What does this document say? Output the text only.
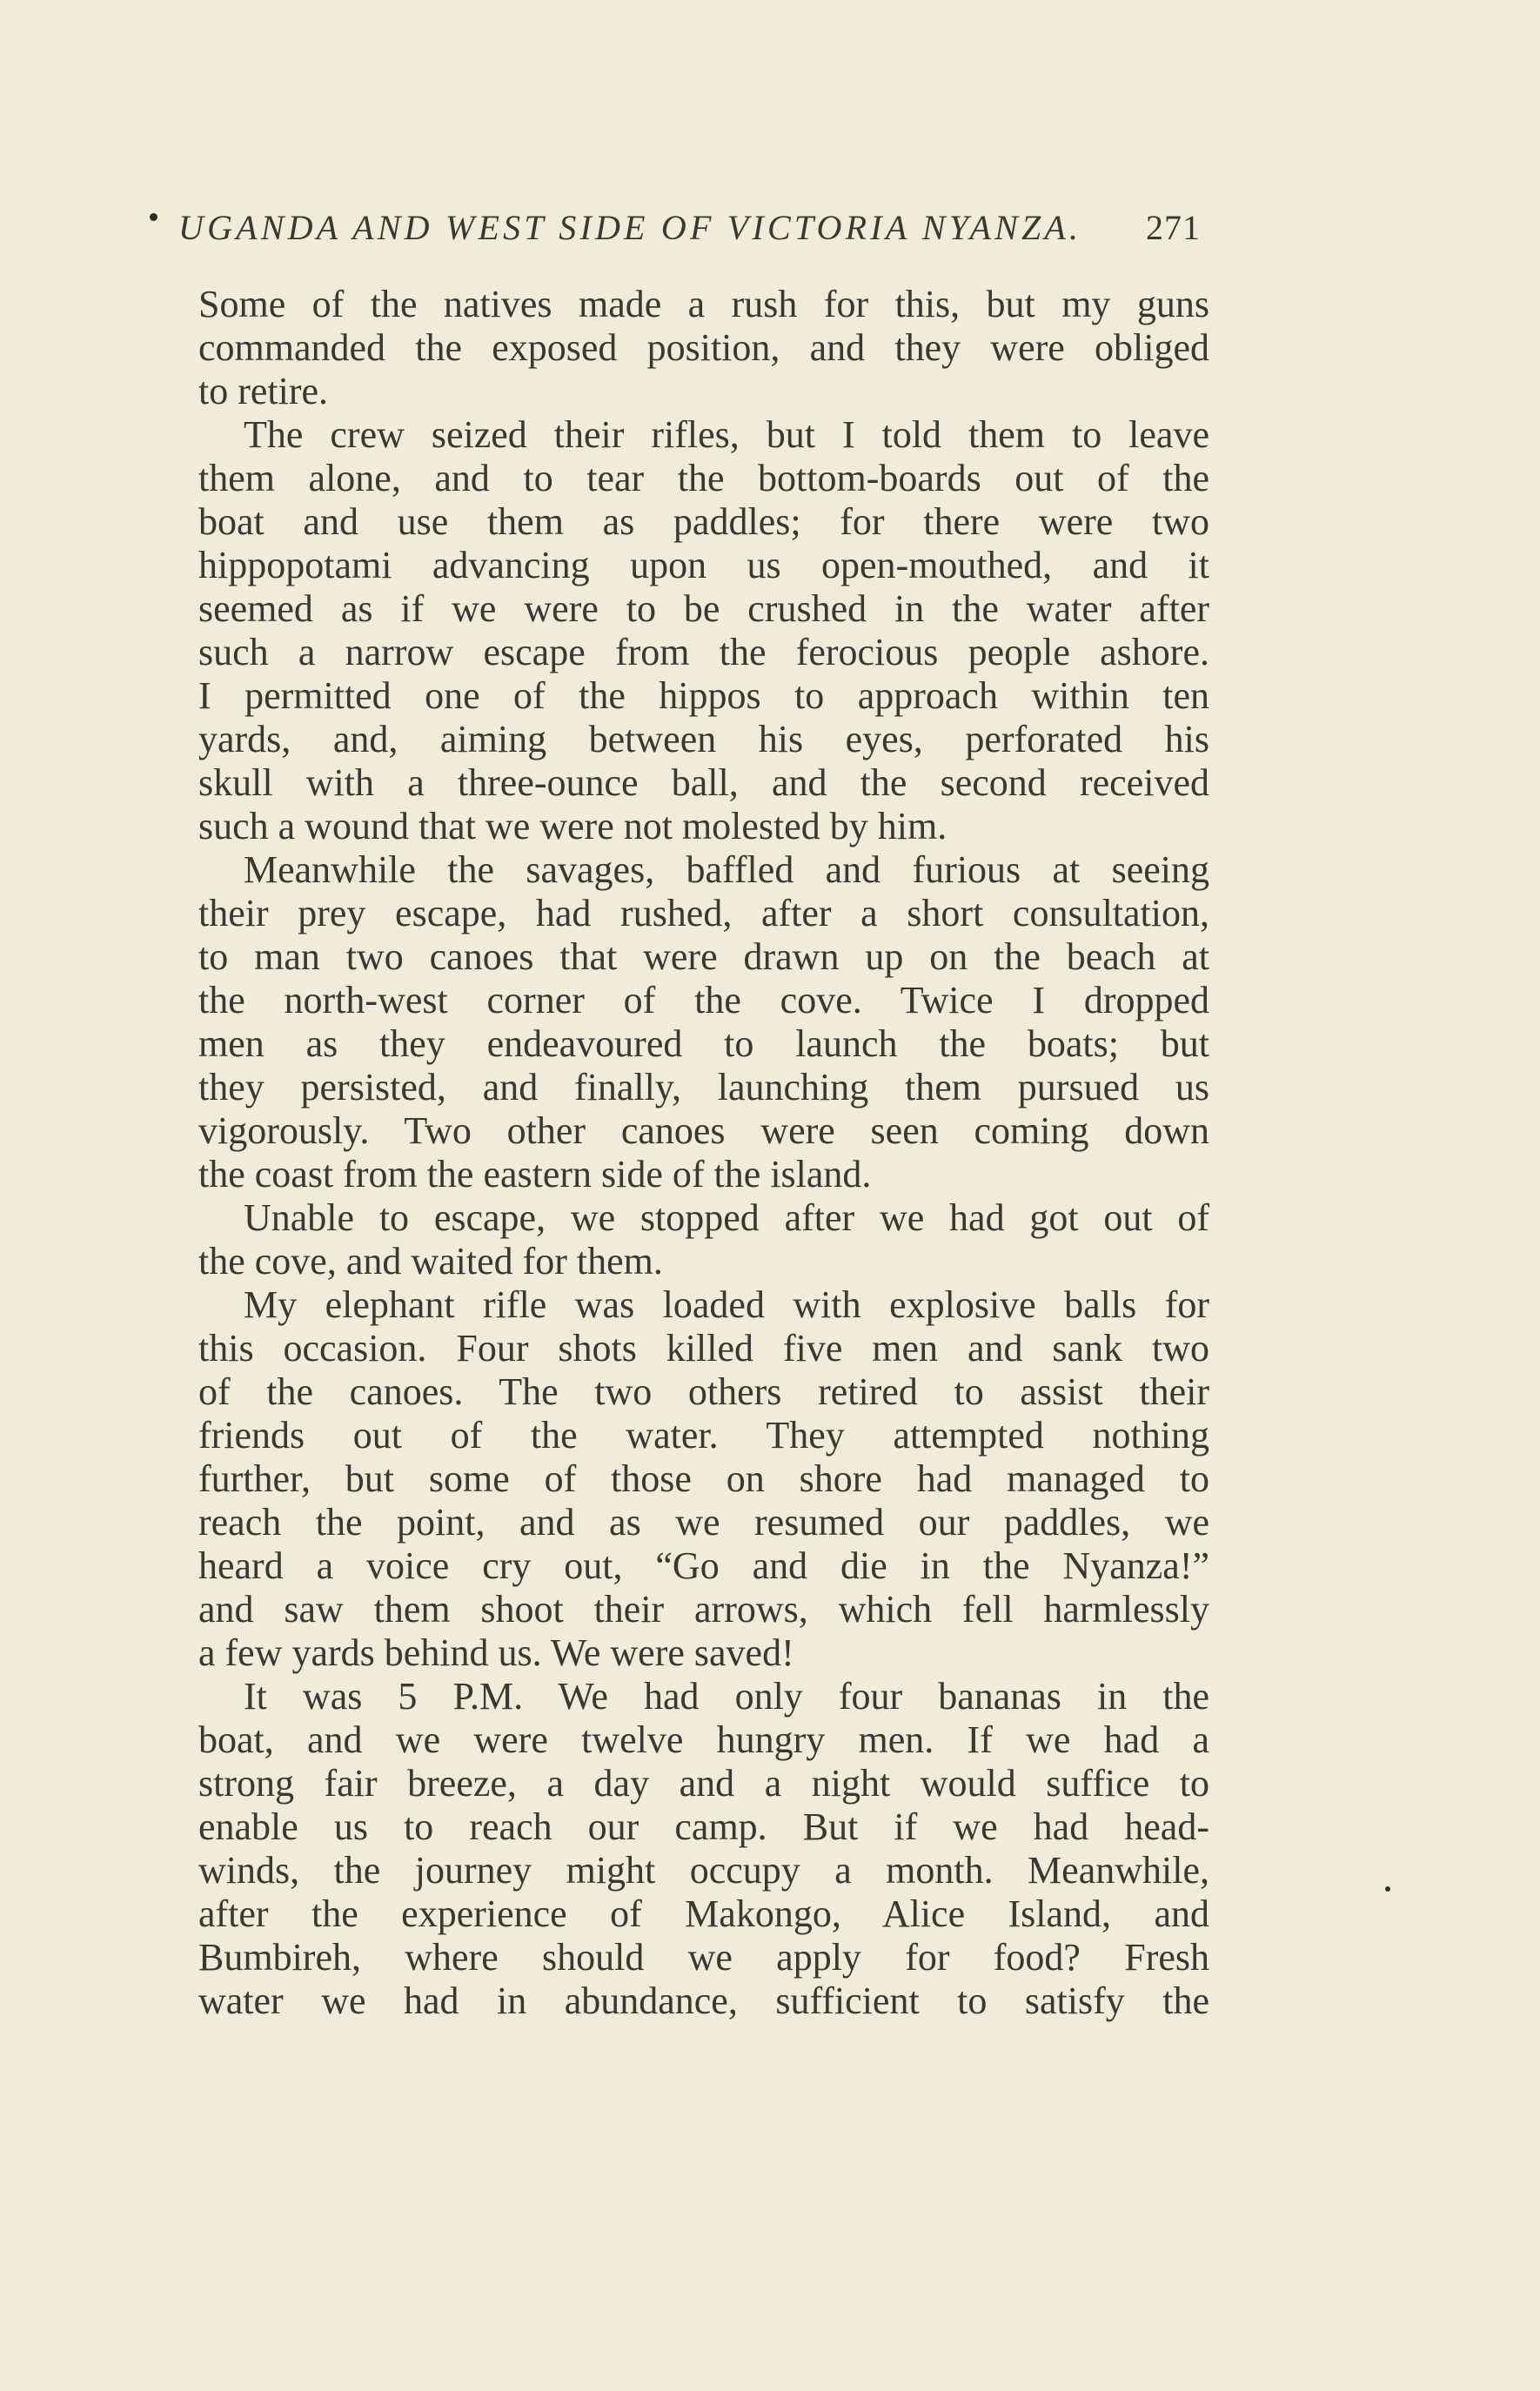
UGANDA AND WEST SIDE OF VICTORIA NYANZA. 271
Some of the natives made a rush for this, but my guns
commanded the exposed position, and they were obliged
to retire.
The crew seized their rifles, but I told them to leave
them alone, and to tear the bottom-boards out of the
boat and use them as paddles; for there were two
hippopotami advancing upon us open-mouthed, and it
seemed as if we were to be crushed in the water after
such a narrow escape from the ferocious people ashore.
I permitted one of the hippos to approach within ten
yards, and, aiming between his eyes, perforated his
skull with a three-ounce ball, and the second received
such a wound that we were not molested by him.
Meanwhile the savages, baffled and furious at seeing
their prey escape, had rushed, after a short consultation,
to man two canoes that were drawn up on the beach at
the north-west corner of the cove. Twice I dropped
men as they endeavoured to launch the boats; but
they persisted, and finally, launching them pursued us
vigorously. Two other canoes were seen coming down
the coast from the eastern side of the island.
Unable to escape, we stopped after we had got out of
the cove, and waited for them.
My elephant rifle was loaded with explosive balls for
this occasion. Four shots killed five men and sank two
of the canoes. The two others retired to assist their
friends out of the water. They attempted nothing
further, but some of those on shore had managed to
reach the point, and as we resumed our paddles, we
heard a voice cry out, “Go and die in the Nyanza!”
and saw them shoot their arrows, which fell harmlessly
a few yards behind us. We were saved!
It was 5 P.M. We had only four bananas in the
boat, and we were twelve hungry men. If we had a
strong fair breeze, a day and a night would suffice to
enable us to reach our camp. But if we had head-
winds, the journey might occupy a month. Meanwhile,
after the experience of Makongo, Alice Island, and
Bumbireh, where should we apply for food? Fresh
water we had in abundance, sufficient to satisfy the
